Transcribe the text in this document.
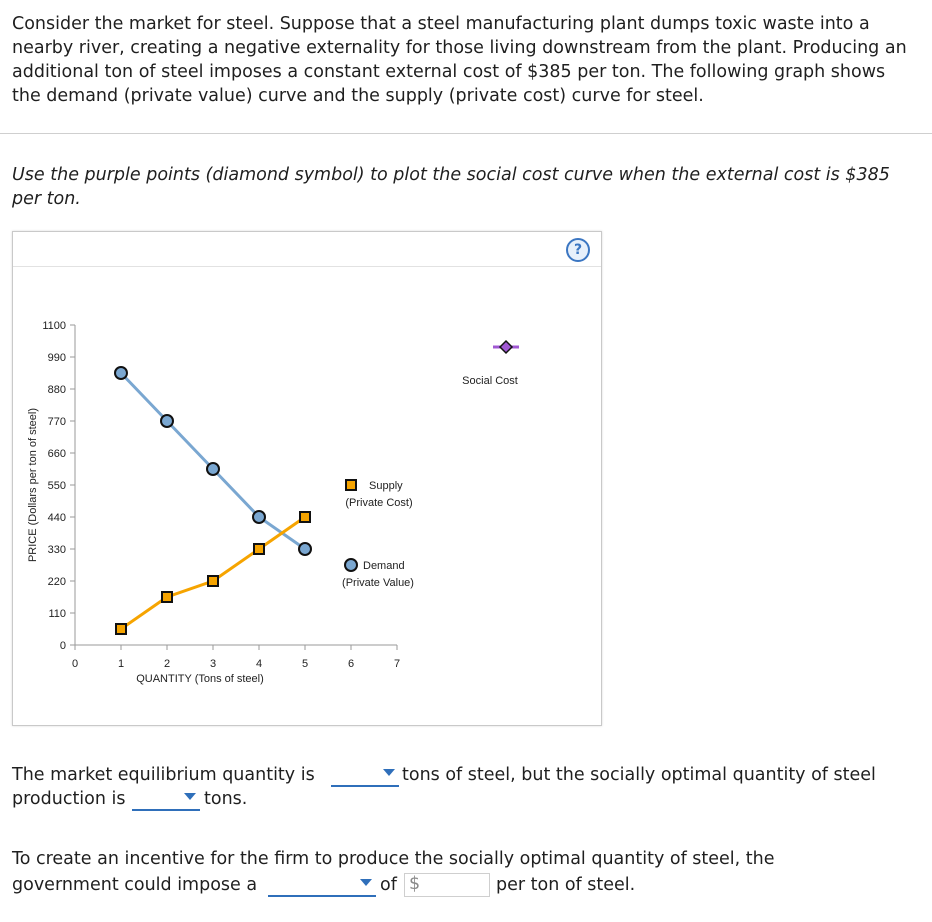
Consider the market for steel. Suppose that a steel manufacturing plant dumps toxic waste into a nearby river, creating a negative externality for those living downstream from the plant. Producing an additional ton of steel imposes a constant external cost of $385 per ton. The following graph shows the demand (private value) curve and the supply (private cost) curve for steel.
Use the purple points (diamond symbol) to plot the social cost curve when the external cost is $385 per ton.
?
0	1	2	3	4	5	6	7
0
110
220
330
440
550
660
770
880
990
1100
QUANTITY (Tons of steel)
PRICE (Dollars per ton of steel)
Demand
(Private Value)
Supply
(Private Cost)
Social Cost
The market equilibrium quantity is	tons of steel, but the socially optimal quantity of steel
production is	tons.
To create an incentive for the firm to produce the socially optimal quantity of steel, the
government could impose a	of $	per ton of steel.
